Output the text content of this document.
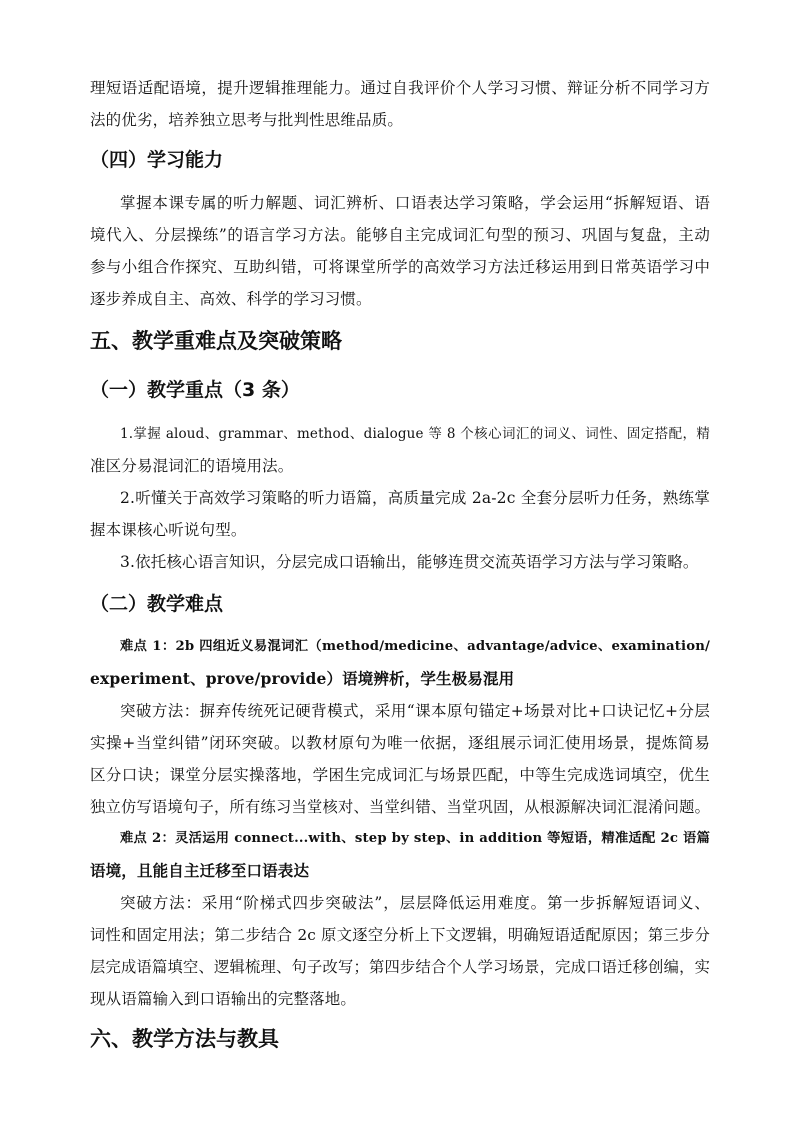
理短语适配语境，提升逻辑推理能力。通过自我评价个人学习习惯、辩证分析不同学习方
法的优劣，培养独立思考与批判性思维品质。
（四）学习能力
掌握本课专属的听力解题、词汇辨析、口语表达学习策略，学会运用“拆解短语、语
境代入、分层操练”的语言学习方法。能够自主完成词汇句型的预习、巩固与复盘，主动
参与小组合作探究、互助纠错，可将课堂所学的高效学习方法迁移运用到日常英语学习中
逐步养成自主、高效、科学的学习习惯。
五、教学重难点及突破策略
（一）教学重点（3 条）
1.掌握 aloud、grammar、method、dialogue 等 8 个核心词汇的词义、词性、固定搭配，精
准区分易混词汇的语境用法。
2.听懂关于高效学习策略的听力语篇，高质量完成 2a-2c 全套分层听力任务，熟练掌
握本课核心听说句型。
3.依托核心语言知识，分层完成口语输出，能够连贯交流英语学习方法与学习策略。
（二）教学难点
难点 1：2b 四组近义易混词汇（method/medicine、advantage/advice、examination/
experiment、prove/provide）语境辨析，学生极易混用
突破方法：摒弃传统死记硬背模式，采用“课本原句锚定+场景对比+口诀记忆+分层
实操+当堂纠错”闭环突破。以教材原句为唯一依据，逐组展示词汇使用场景，提炼简易
区分口诀；课堂分层实操落地，学困生完成词汇与场景匹配，中等生完成选词填空，优生
独立仿写语境句子，所有练习当堂核对、当堂纠错、当堂巩固，从根源解决词汇混淆问题。
难点 2：灵活运用 connect...with、step by step、in addition 等短语，精准适配 2c 语篇
语境，且能自主迁移至口语表达
突破方法：采用“阶梯式四步突破法”，层层降低运用难度。第一步拆解短语词义、
词性和固定用法；第二步结合 2c 原文逐空分析上下文逻辑，明确短语适配原因；第三步分
层完成语篇填空、逻辑梳理、句子改写；第四步结合个人学习场景，完成口语迁移创编，实
现从语篇输入到口语输出的完整落地。
六、教学方法与教具
